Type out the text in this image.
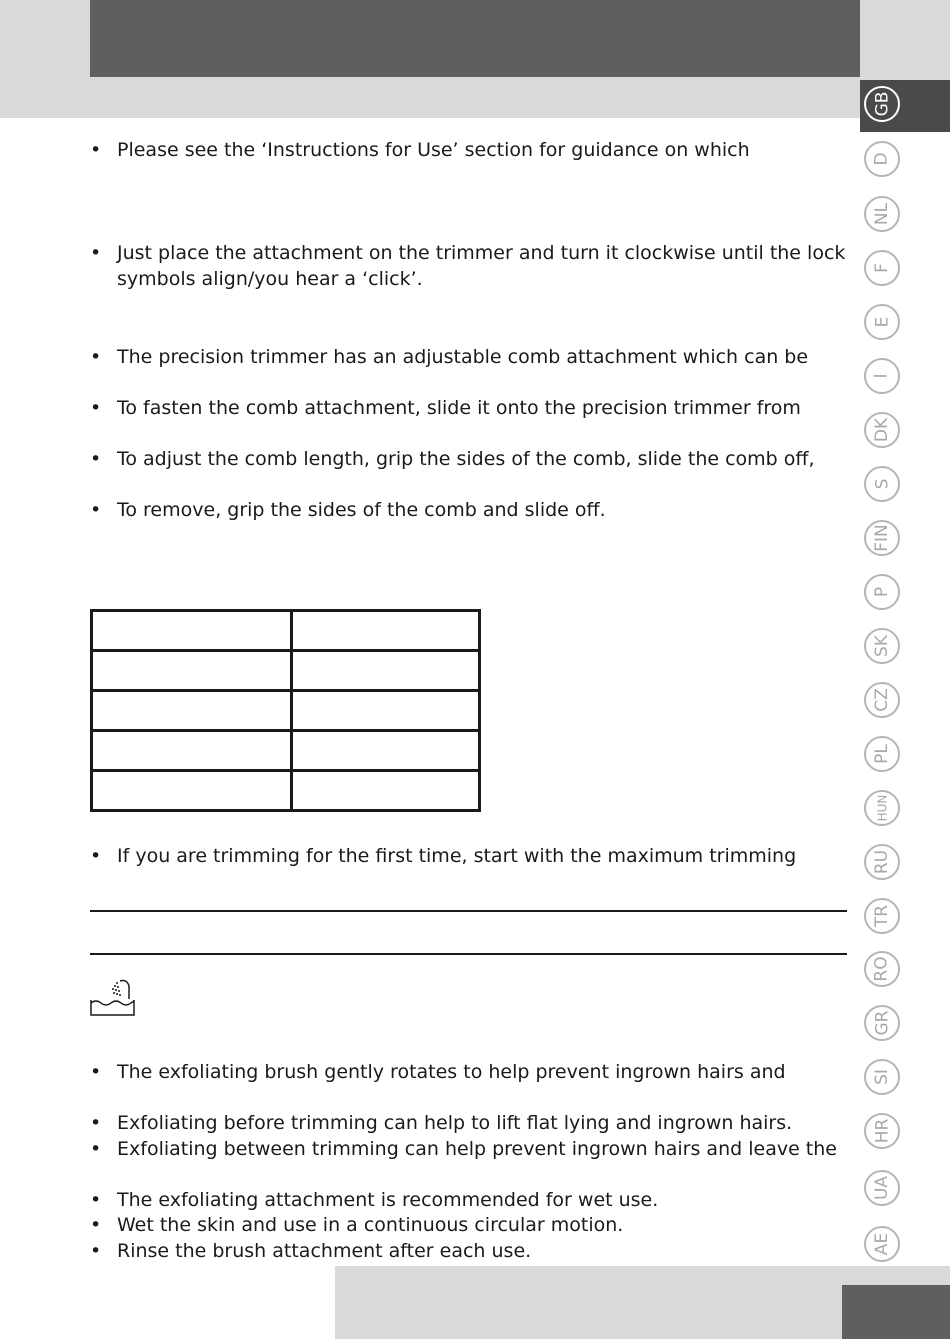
GB
D
NL
F
E
I
DK
S
FIN
P
SK
CZ
PL
HUN
RU
TR
RO
GR
SI
HR
UA
AE
• Please see the ‘Instructions for Use’ section for guidance on which
• Just place the attachment on the trimmer and turn it clockwise until the lock symbols align/you hear a ‘click’.
• The precision trimmer has an adjustable comb attachment which can be
• To fasten the comb attachment, slide it onto the precision trimmer from
• To adjust the comb length, grip the sides of the comb, slide the comb off,
• To remove, grip the sides of the comb and slide off.

• If you are trimming for the first time, start with the maximum trimming
• The exfoliating brush gently rotates to help prevent ingrown hairs and
• Exfoliating before trimming can help to lift flat lying and ingrown hairs.
• Exfoliating between trimming can help prevent ingrown hairs and leave the
• The exfoliating attachment is recommended for wet use.
• Wet the skin and use in a continuous circular motion.
• Rinse the brush attachment after each use.
